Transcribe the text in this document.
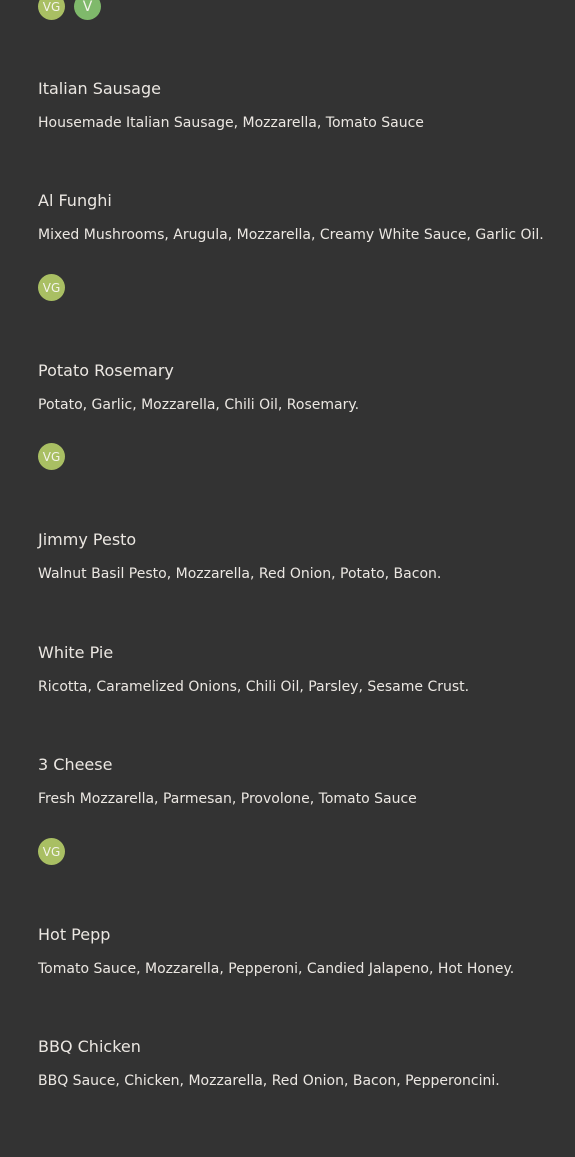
VG	V
Italian Sausage
Housemade Italian Sausage, Mozzarella, Tomato Sauce
Al Funghi
Mixed Mushrooms, Arugula, Mozzarella, Creamy White Sauce, Garlic Oil.
VG
Potato Rosemary
Potato, Garlic, Mozzarella, Chili Oil, Rosemary.
VG
Jimmy Pesto
Walnut Basil Pesto, Mozzarella, Red Onion, Potato, Bacon.
White Pie
Ricotta, Caramelized Onions, Chili Oil, Parsley, Sesame Crust.
3 Cheese
Fresh Mozzarella, Parmesan, Provolone, Tomato Sauce
VG
Hot Pepp
Tomato Sauce, Mozzarella, Pepperoni, Candied Jalapeno, Hot Honey.
BBQ Chicken
BBQ Sauce, Chicken, Mozzarella, Red Onion, Bacon, Pepperoncini.
